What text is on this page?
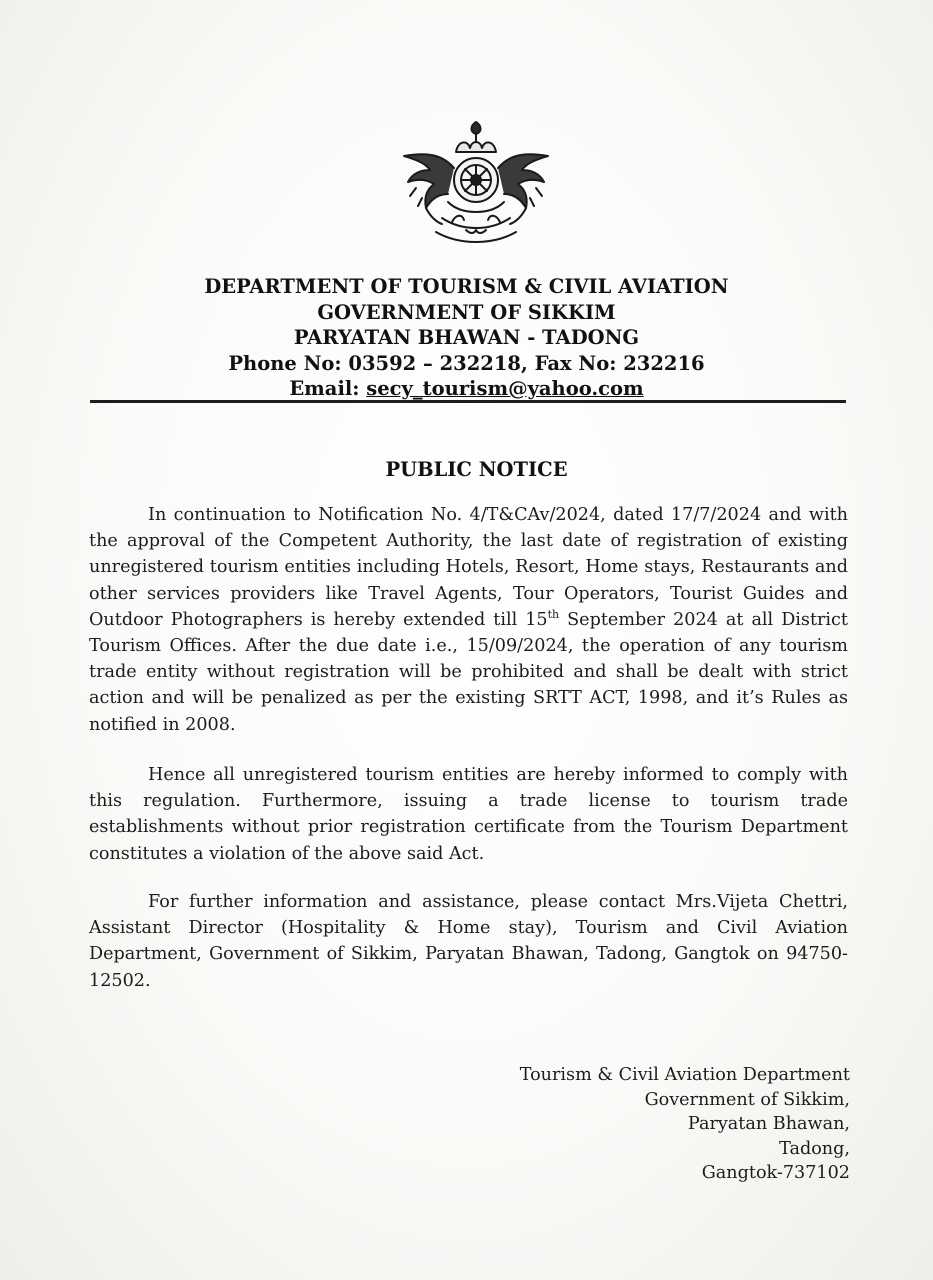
DEPARTMENT OF TOURISM & CIVIL AVIATION
GOVERNMENT OF SIKKIM
PARYATAN BHAWAN - TADONG
Phone No: 03592 – 232218, Fax No: 232216
Email: secy_tourism@yahoo.com
PUBLIC NOTICE
In continuation to Notification No. 4/T&CAv/2024, dated 17/7/2024 and with the approval of the Competent Authority, the last date of registration of existing unregistered tourism entities including Hotels, Resort, Home stays, Restaurants and other services providers like Travel Agents, Tour Operators, Tourist Guides and Outdoor Photographers is hereby extended till 15th September 2024 at all District Tourism Offices. After the due date i.e., 15/09/2024, the operation of any tourism trade entity without registration will be prohibited and shall be dealt with strict action and will be penalized as per the existing SRTT ACT, 1998, and it’s Rules as notified in 2008.
Hence all unregistered tourism entities are hereby informed to comply with this regulation. Furthermore, issuing a trade license to tourism trade establishments without prior registration certificate from the Tourism Department constitutes a violation of the above said Act.
For further information and assistance, please contact Mrs.Vijeta Chettri, Assistant Director (Hospitality & Home stay), Tourism and Civil Aviation Department, Government of Sikkim, Paryatan Bhawan, Tadong, Gangtok on 94750-12502.
Tourism & Civil Aviation Department
Government of Sikkim,
Paryatan Bhawan,
Tadong,
Gangtok-737102
